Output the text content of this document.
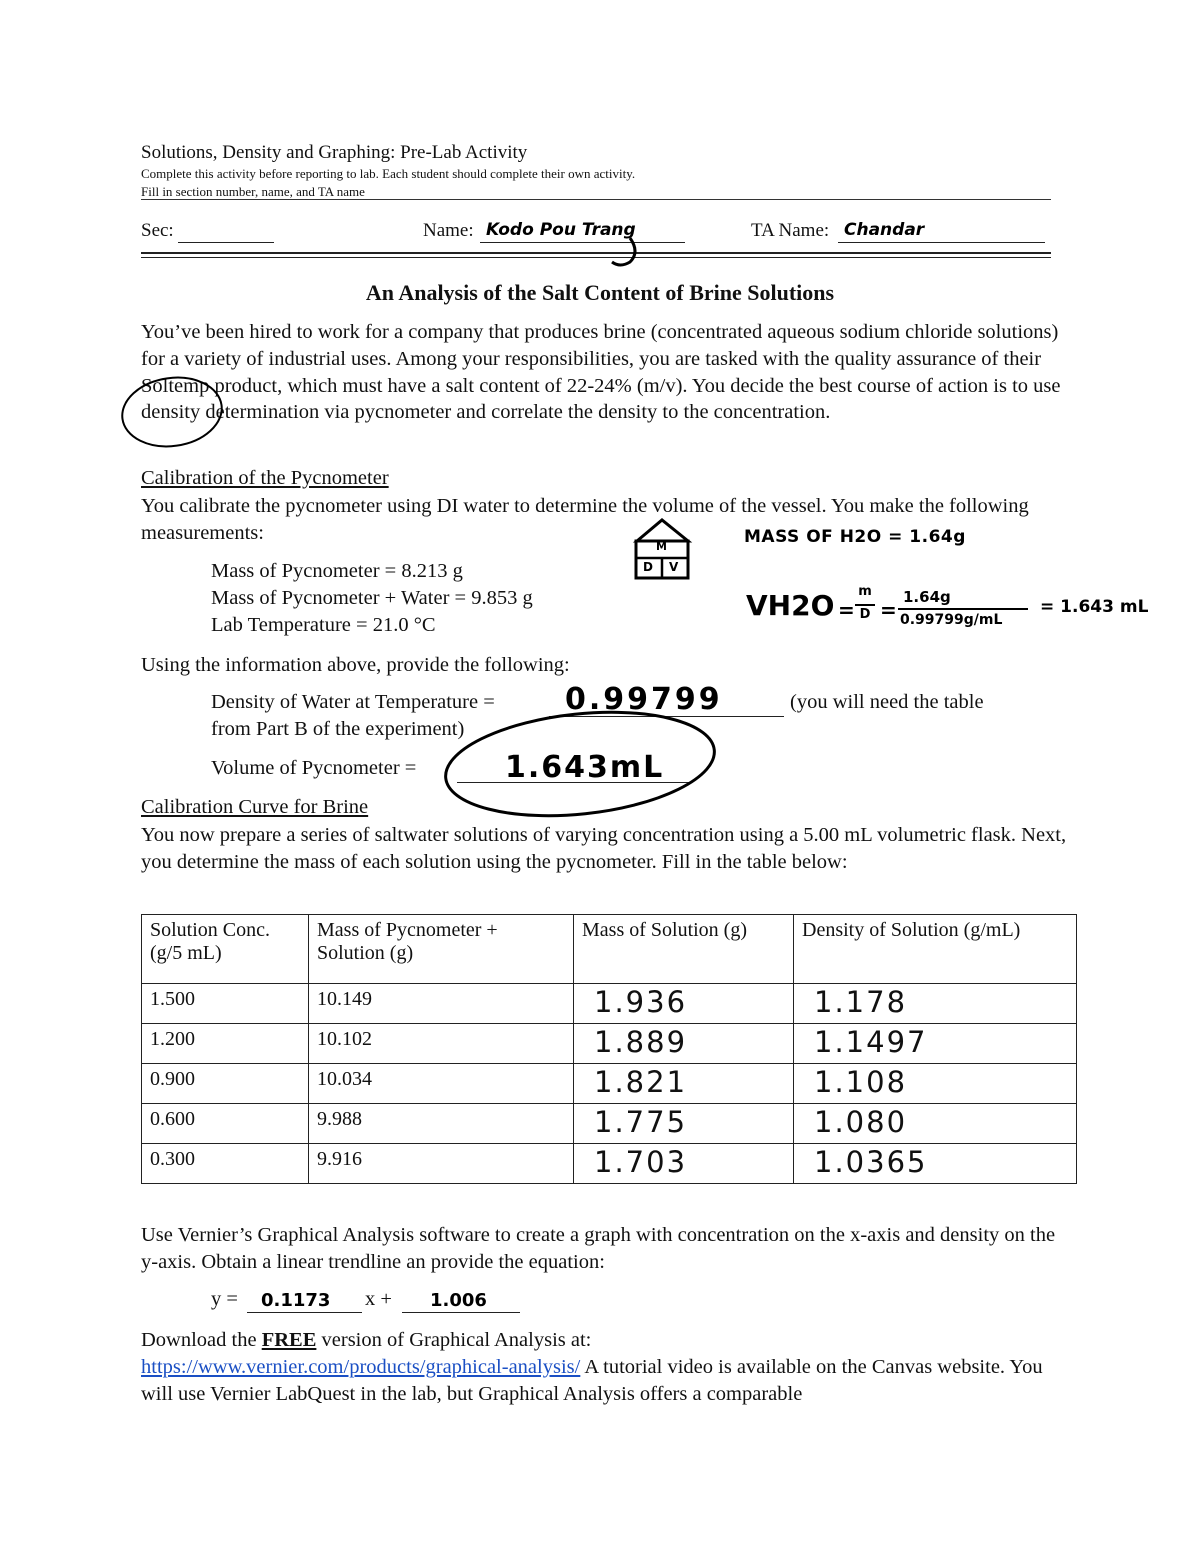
Solutions, Density and Graphing: Pre-Lab Activity
Complete this activity before reporting to lab. Each student should complete their own activity.
Fill in section number, name, and TA name
Sec:	Name: Kodo Pou Trang	TA Name: Chandar
An Analysis of the Salt Content of Brine Solutions
You’ve been hired to work for a company that produces brine (concentrated aqueous sodium chloride solutions) for a variety of industrial uses. Among your responsibilities, you are tasked with the quality assurance of their Soltemp product, which must have a salt content of 22-24% (m/v). You decide the best course of action is to use density determination via pycnometer and correlate the density to the concentration.
Calibration of the Pycnometer
You calibrate the pycnometer using DI water to determine the volume of the vessel. You make the following measurements:
Mass of Pycnometer = 8.213 g
Mass of Pycnometer + Water = 9.853 g
Lab Temperature = 21.0 °C
Using the information above, provide the following:
Density of Water at Temperature =	0.99799	(you will need the table
from Part B of the experiment)
Volume of Pycnometer =	1.643mL
Calibration Curve for Brine
You now prepare a series of saltwater solutions of varying concentration using a 5.00 mL volumetric flask. Next, you determine the mass of each solution using the pycnometer. Fill in the table below:
Solution Conc. (g/5 mL)	Mass of Pycnometer + Solution (g)	Mass of Solution (g)	Density of Solution (g/mL)
1.500	10.149	1.936	1.178
1.200	10.102	1.889	1.1497
0.900	10.034	1.821	1.108
0.600	9.988	1.775	1.080
0.300	9.916	1.703	1.0365
Use Vernier’s Graphical Analysis software to create a graph with concentration on the x-axis and density on the y-axis. Obtain a linear trendline an provide the equation:
y =	0.1173	x +	1.006
Download the FREE version of Graphical Analysis at:
https://www.vernier.com/products/graphical-analysis/ A tutorial video is available on the Canvas website. You will use Vernier LabQuest in the lab, but Graphical Analysis offers a comparable
MASS OF H2O = 1.64g
VH2O =
m
D =
1.64g
0.99799g/mL
= 1.643 mL
M
D V
